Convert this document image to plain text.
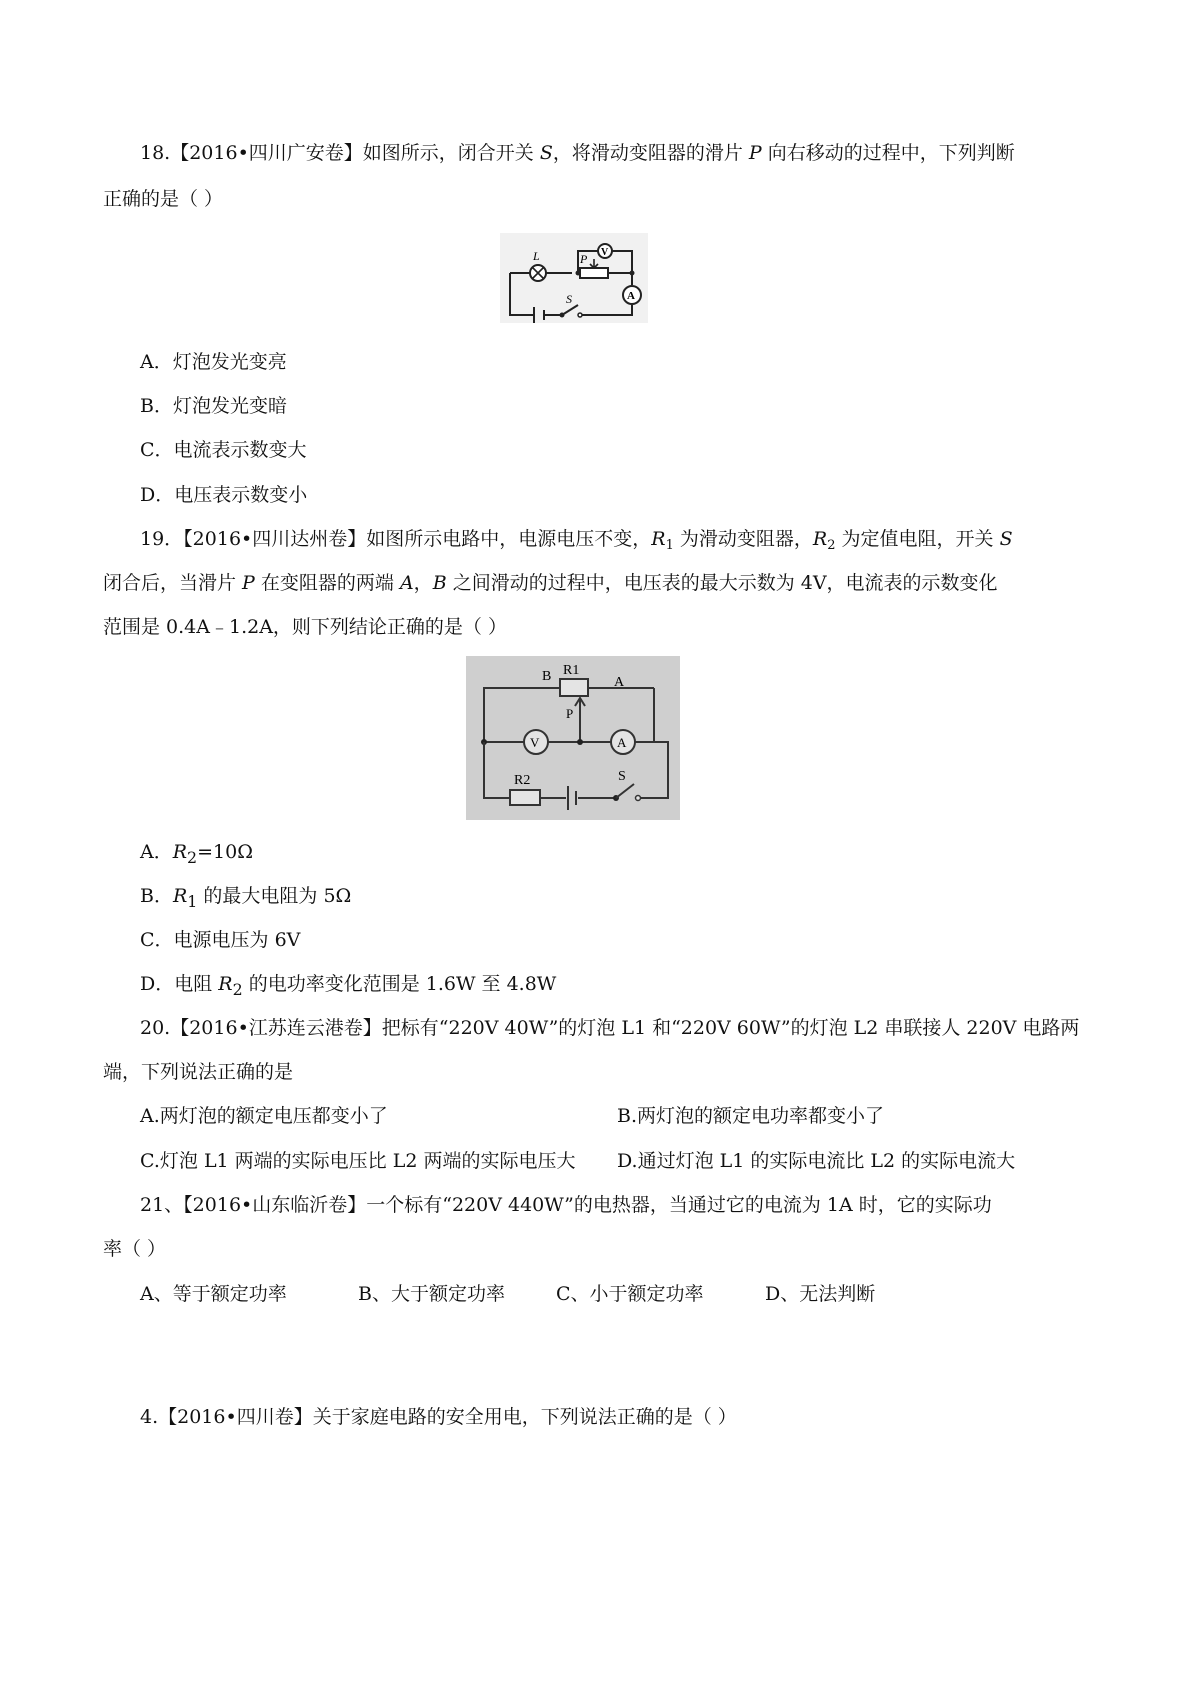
18.【2016•四川广安卷】如图所示，闭合开关 S，将滑动变阻器的滑片 P 向右移动的过程中，下列判断
正确的是（ ）
L	P V
A
S
A．灯泡发光变亮
B．灯泡发光变暗
C．电流表示数变大
D．电压表示数变小
19．【2016•四川达州卷】如图所示电路中，电源电压不变，$R_1$ 为滑动变阻器，$R_2$ 为定值电阻，开关 S
闭合后，当滑片 P 在变阻器的两端 A，B 之间滑动的过程中，电压表的最大示数为 4V，电流表的示数变化
范围是 0.4A﹣1.2A，则下列结论正确的是（ ）
B R1
A
P
V	A
R2	S
A．$R_2=10\Omega$
B．$R_1$ 的最大电阻为 5Ω
C．电源电压为 6V
D．电阻 $R_2$ 的电功率变化范围是 1.6W 至 4.8W
20.【2016•江苏连云港卷】把标有“220V 40W”的灯泡 L1 和“220V 60W”的灯泡 L2 串联接人 220V 电路两
端，下列说法正确的是
A.两灯泡的额定电压都变小了	B.两灯泡的额定电功率都变小了
C.灯泡 L1 两端的实际电压比 L2 两端的实际电压大 D.通过灯泡 L1 的实际电流比 L2 的实际电流大
21、【2016•山东临沂卷】一个标有“220V 440W”的电热器，当通过它的电流为 1A 时，它的实际功
率（ ）
A、等于额定功率	B、大于额定功率	C、小于额定功率	D、无法判断
4.【2016•四川卷】关于家庭电路的安全用电，下列说法正确的是（ ）
